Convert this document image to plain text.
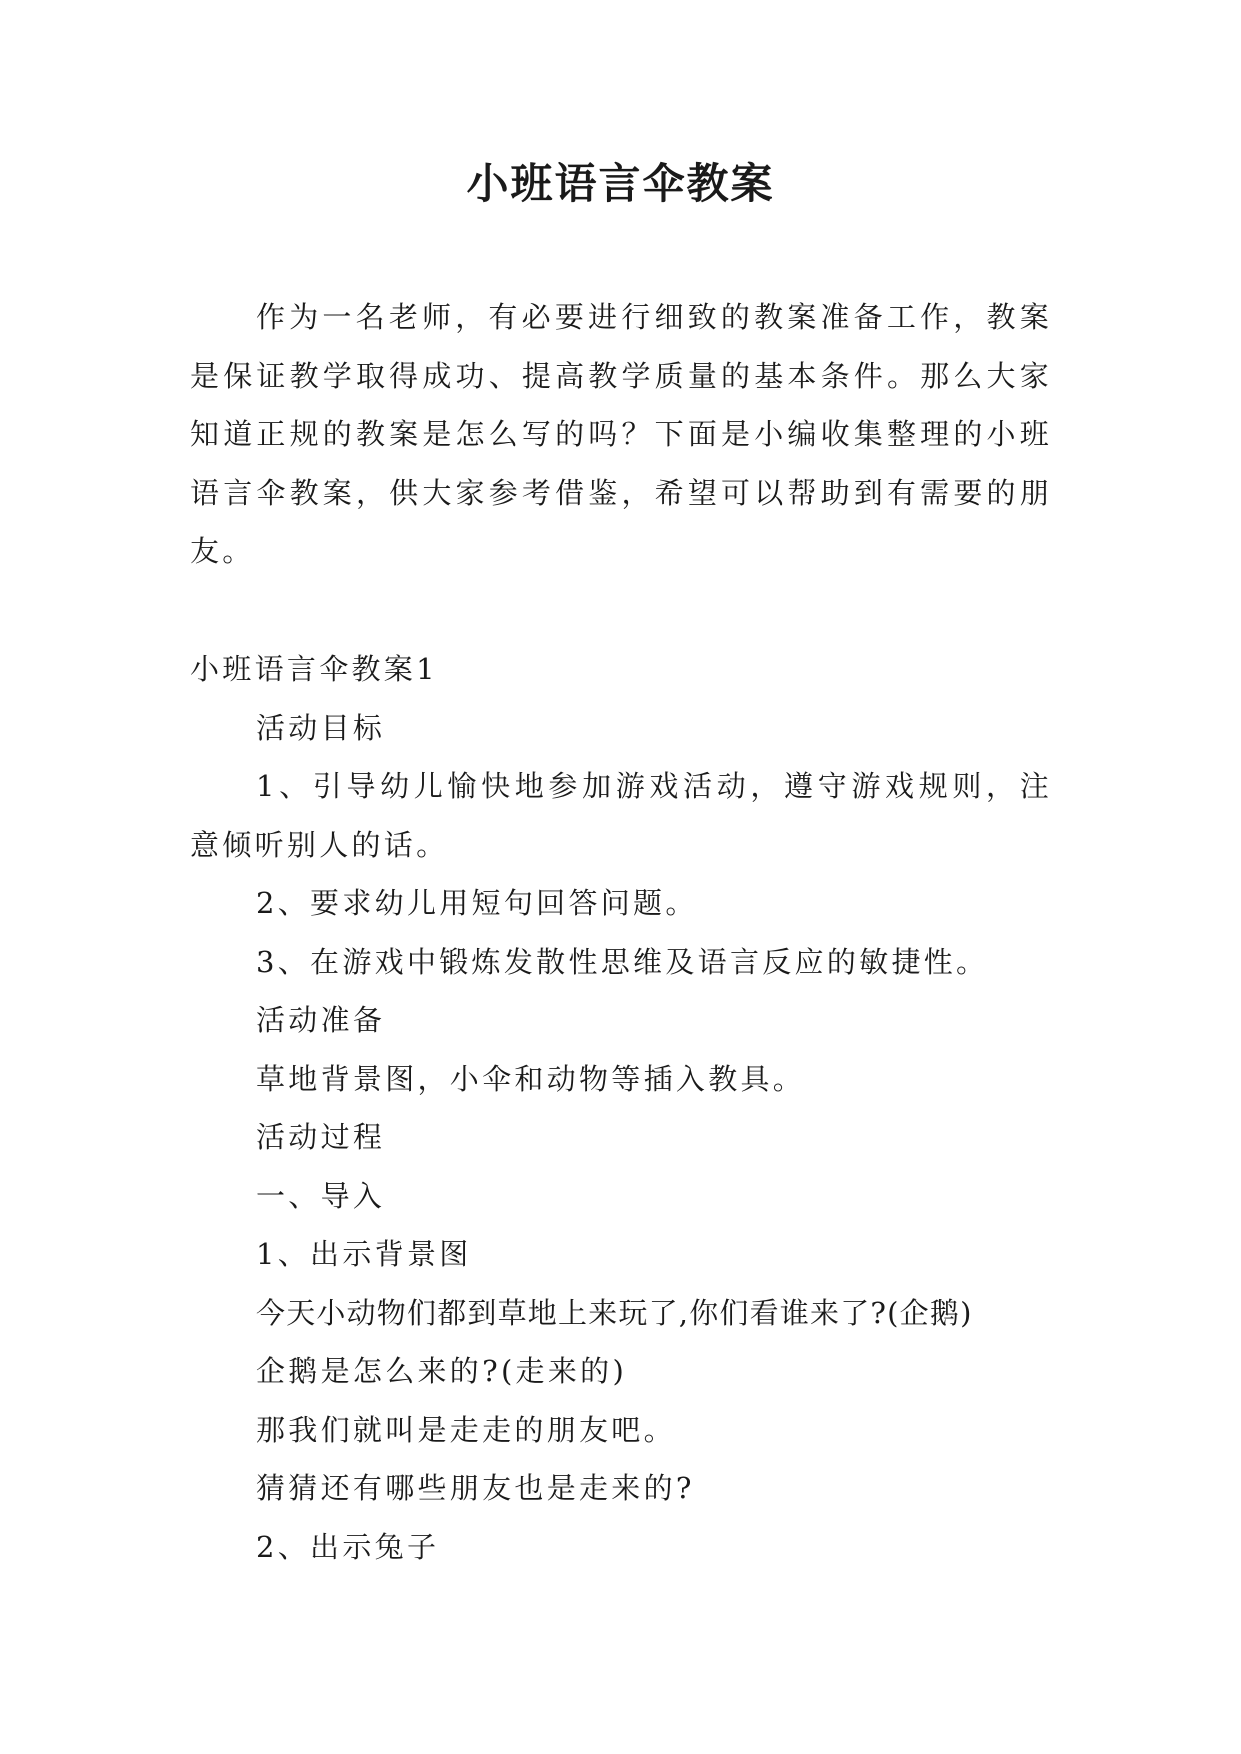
小班语言伞教案

作为一名老师，有必要进行细致的教案准备工作，教案是保证教学取得成功、提高教学质量的基本条件。那么大家知道正规的教案是怎么写的吗？下面是小编收集整理的小班语言伞教案，供大家参考借鉴，希望可以帮助到有需要的朋友。

小班语言伞教案1
活动目标

1、引导幼儿愉快地参加游戏活动，遵守游戏规则，注意倾听别人的话。

2、要求幼儿用短句回答问题。
3、在游戏中锻炼发散性思维及语言反应的敏捷性。
活动准备
草地背景图，小伞和动物等插入教具。
活动过程
一、导入
1、出示背景图
今天小动物们都到草地上来玩了,你们看谁来了?(企鹅)
企鹅是怎么来的?(走来的)
那我们就叫是走走的朋友吧。
猜猜还有哪些朋友也是走来的?
2、出示兔子
